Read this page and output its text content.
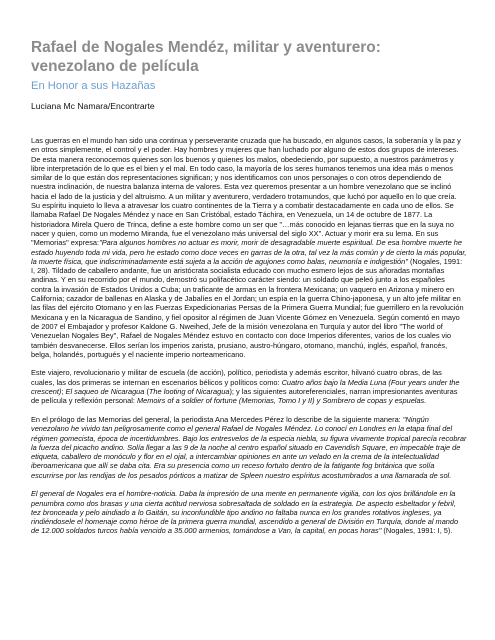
Rafael de Nogales Mendéz, militar y aventurero: venezolano de película
En Honor a sus Hazañas
Luciana Mc Namara/Encontrarte

Las guerras en el mundo han sido una continua y perseverante cruzada que ha buscado, en algunos casos, la soberanía y la paz y en otros simplemente, el control y el poder. Hay hombres y mujeres que han luchado por alguno de estos dos grupos de intereses. De esta manera reconocemos quienes son los buenos y quienes los malos, obedeciendo, por supuesto, a nuestros parámetros y libre interpretación de lo que es el bien y el mal. En todo caso, la mayoría de los seres humanos tenemos una idea más o menos similar de lo que están dos representaciones significan; y nos identificamos con unos personajes o con otros dependiendo de nuestra inclinación, de nuestra balanza interna de valores. Esta vez queremos presentar a un hombre venezolano que se inclinó hacia el lado de la justicia y del altruismo. A un militar y aventurero, verdadero trotamundos, que luchó por aquello en lo que creía. Su espíritu inquieto lo lleva a atravesar los cuatro continentes de la Tierra y a combatir destacadamente en cada uno de ellos. Se llamaba Rafael De Nogales Méndez y nace en San Cristóbal, estado Táchira, en Venezuela, un 14 de octubre de 1877. La historiadora Mirela Quero de Trinca, define a este hombre como un ser que "…más conocido en lejanas tierras que en la suya no nacer y quien, como un moderno Miranda, fue el venezolano más universal del siglo XX". Actuar y morir era su lema. En sus "Memorias" expresa:"Para algunos hombres no actuar es morir, morir de desagradable muerte espiritual. De esa hombre muerte he estado huyendo toda mi vida, pero he estado como doce veces en garras de la otra, tal vez la más común y de cierto la más popular, la muerte física, que indiscriminadamente está sujeta a la acción de agujones como balas, neumonía e indigestión" (Nogales, 1991: I, 28). Tildado de caballero andante, fue un aristócrata socialista educado con mucho esmero lejos de sus añoradas montañas andinas. Y en su recorrido por el mundo, demostró su polifacético carácter siendo: un soldado que peleó junto a los españoles contra la invasión de Estados Unidos a Cuba; un traficante de armas en la frontera Mexicana; un vaquero en Arizona y minero en California; cazador de ballenas en Alaska y de Jabalíes en el Jordan; un espía en la guerra Chino-japonesa, y un alto jefe militar en las filas del ejército Otomano y en las Fuerzas Expedicionarias Persas de la Primera Guerra Mundial; fue guerrillero en la revolución Mexicana y en la Nicaragua de Sandino, y fiel opositor al régimen de Juan Vicente Gómez en Venezuela. Según comentó en mayo de 2007 el Embajador y profesor Kaldone G. Nweihed, Jefe de la misión venezolana en Turquía y autor del libro "The world of Venezuelan Nogales Bey", Rafael de Nogales Méndez estuvo en contacto con doce Imperios diferentes, varios de los cuales vio también desvanecerse. Ellos serían los imperios zarista, prusiano, austro-húngaro, otomano, manchú, inglés, español, francés, belga, holandés, portugués y el naciente imperio norteamericano.

Este viajero, revolucionario y militar de escuela (de acción), político, periodista y además escritor, hilvanó cuatro obras, de las cuales, las dos primeras se internan en escenarios bélicos y políticos como: Cuatro años bajo la Media Luna (Four years under the crescent); El saqueo de Nicaragua (The looting of Nicaragua); y las siguientes autoreferenciales, narran impresionantes aventuras de película y reflexión personal: Memoirs of a soldier of fortune (Memorias, Tomo I y II) y Sombrero de copas y espuelas.

En el prólogo de las Memorias del general, la periodista Ana Mercedes Pérez lo describe de la siguiente manera: "Ningún venezolano he vivido tan peligrosamente como el general Rafael de Nogales Méndez. Lo conocí en Londres en la etapa final del régimen gomecista, época de incertidumbres. Bajo los entresvelos de la especia niebla, su figura vivamente tropical parecía recobrar la fuerza del picacho andino. Solía llegar a las 9 de la noche al centro español situado en Cavendish Square, en impecable traje de etiqueta, caballero de monóculo y flor en el ojal, a intercambiar opiniones en ante un velado en la crema de la intelectualidad iberoamericana que allí se daba cita. Era su presencia como un receso fortuito dentro de la fatigante fog británica que solía escurrirse por las rendijas de los pesados pórticos a matizar de Spleen nuestro espíritus acostumbrados a una llamarada de sol.

El general de Nogales era el hombre-noticia. Daba la impresión de una mente en permanente vigilia, con los ojos brillándole en la penumbra como dos brasas y una cierta actitud nerviosa sobresaltada de soldado en la estrategia. De aspecto esbeltador y febril, tez bronceada y pelo aindiado a lo Gaitán, su inconfundible tipo andino no faltaba nunca en los grandes rotativos ingleses, ya rindiéndosele el homenaje como héroe de la primera guerra mundial, ascendido a general de División en Turquía, donde al mando de 12.000 soldados turcos había vencido a 35.000 armenios, tomándose a Van, la capital, en pocas horas" (Nogales, 1991: I, 5).
